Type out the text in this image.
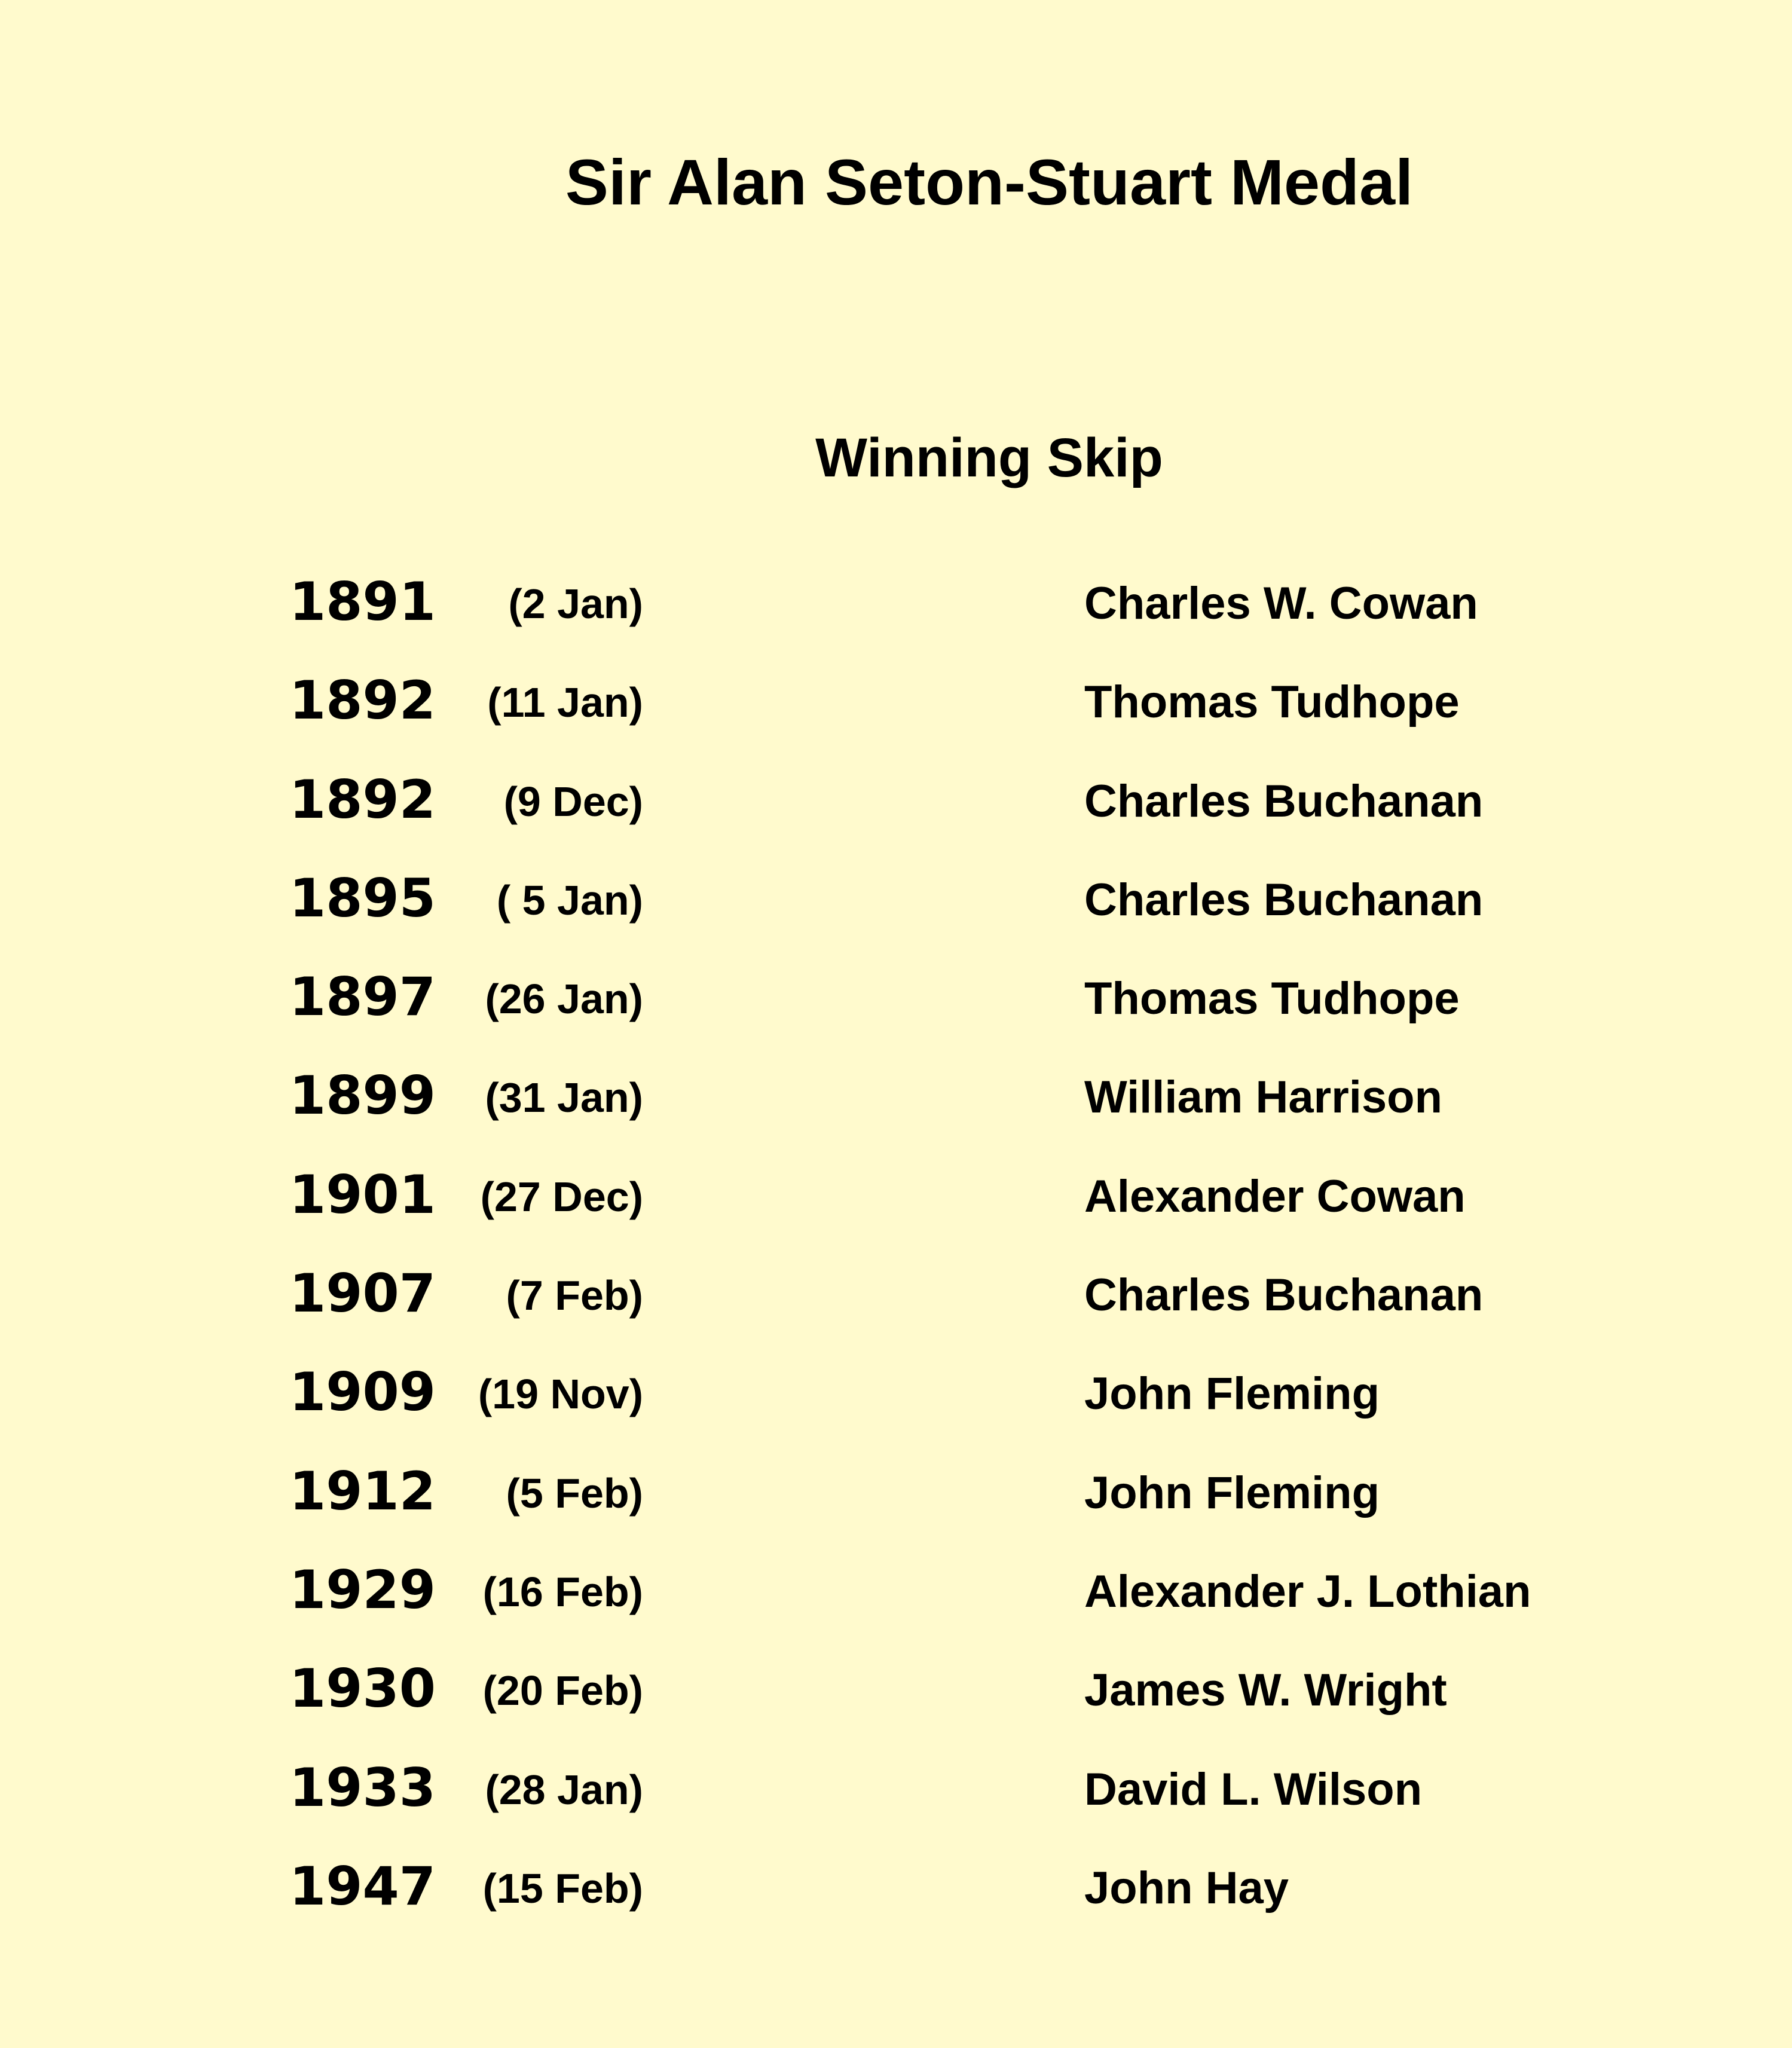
Sir Alan Seton-Stuart Medal
Winning Skip
1891 (2 Jan)	Charles W. Cowan
1892 (11 Jan)	Thomas Tudhope
1892 (9 Dec)	Charles Buchanan
1895 ( 5 Jan)	Charles Buchanan
1897 (26 Jan)	Thomas Tudhope
1899 (31 Jan)	William Harrison
1901 (27 Dec)	Alexander Cowan
1907 (7 Feb)	Charles Buchanan
1909 (19 Nov)	John Fleming
1912 (5 Feb)	John Fleming
1929 (16 Feb)	Alexander J. Lothian
1930 (20 Feb)	James W. Wright
1933 (28 Jan)	David L. Wilson
1947 (15 Feb)	John Hay
